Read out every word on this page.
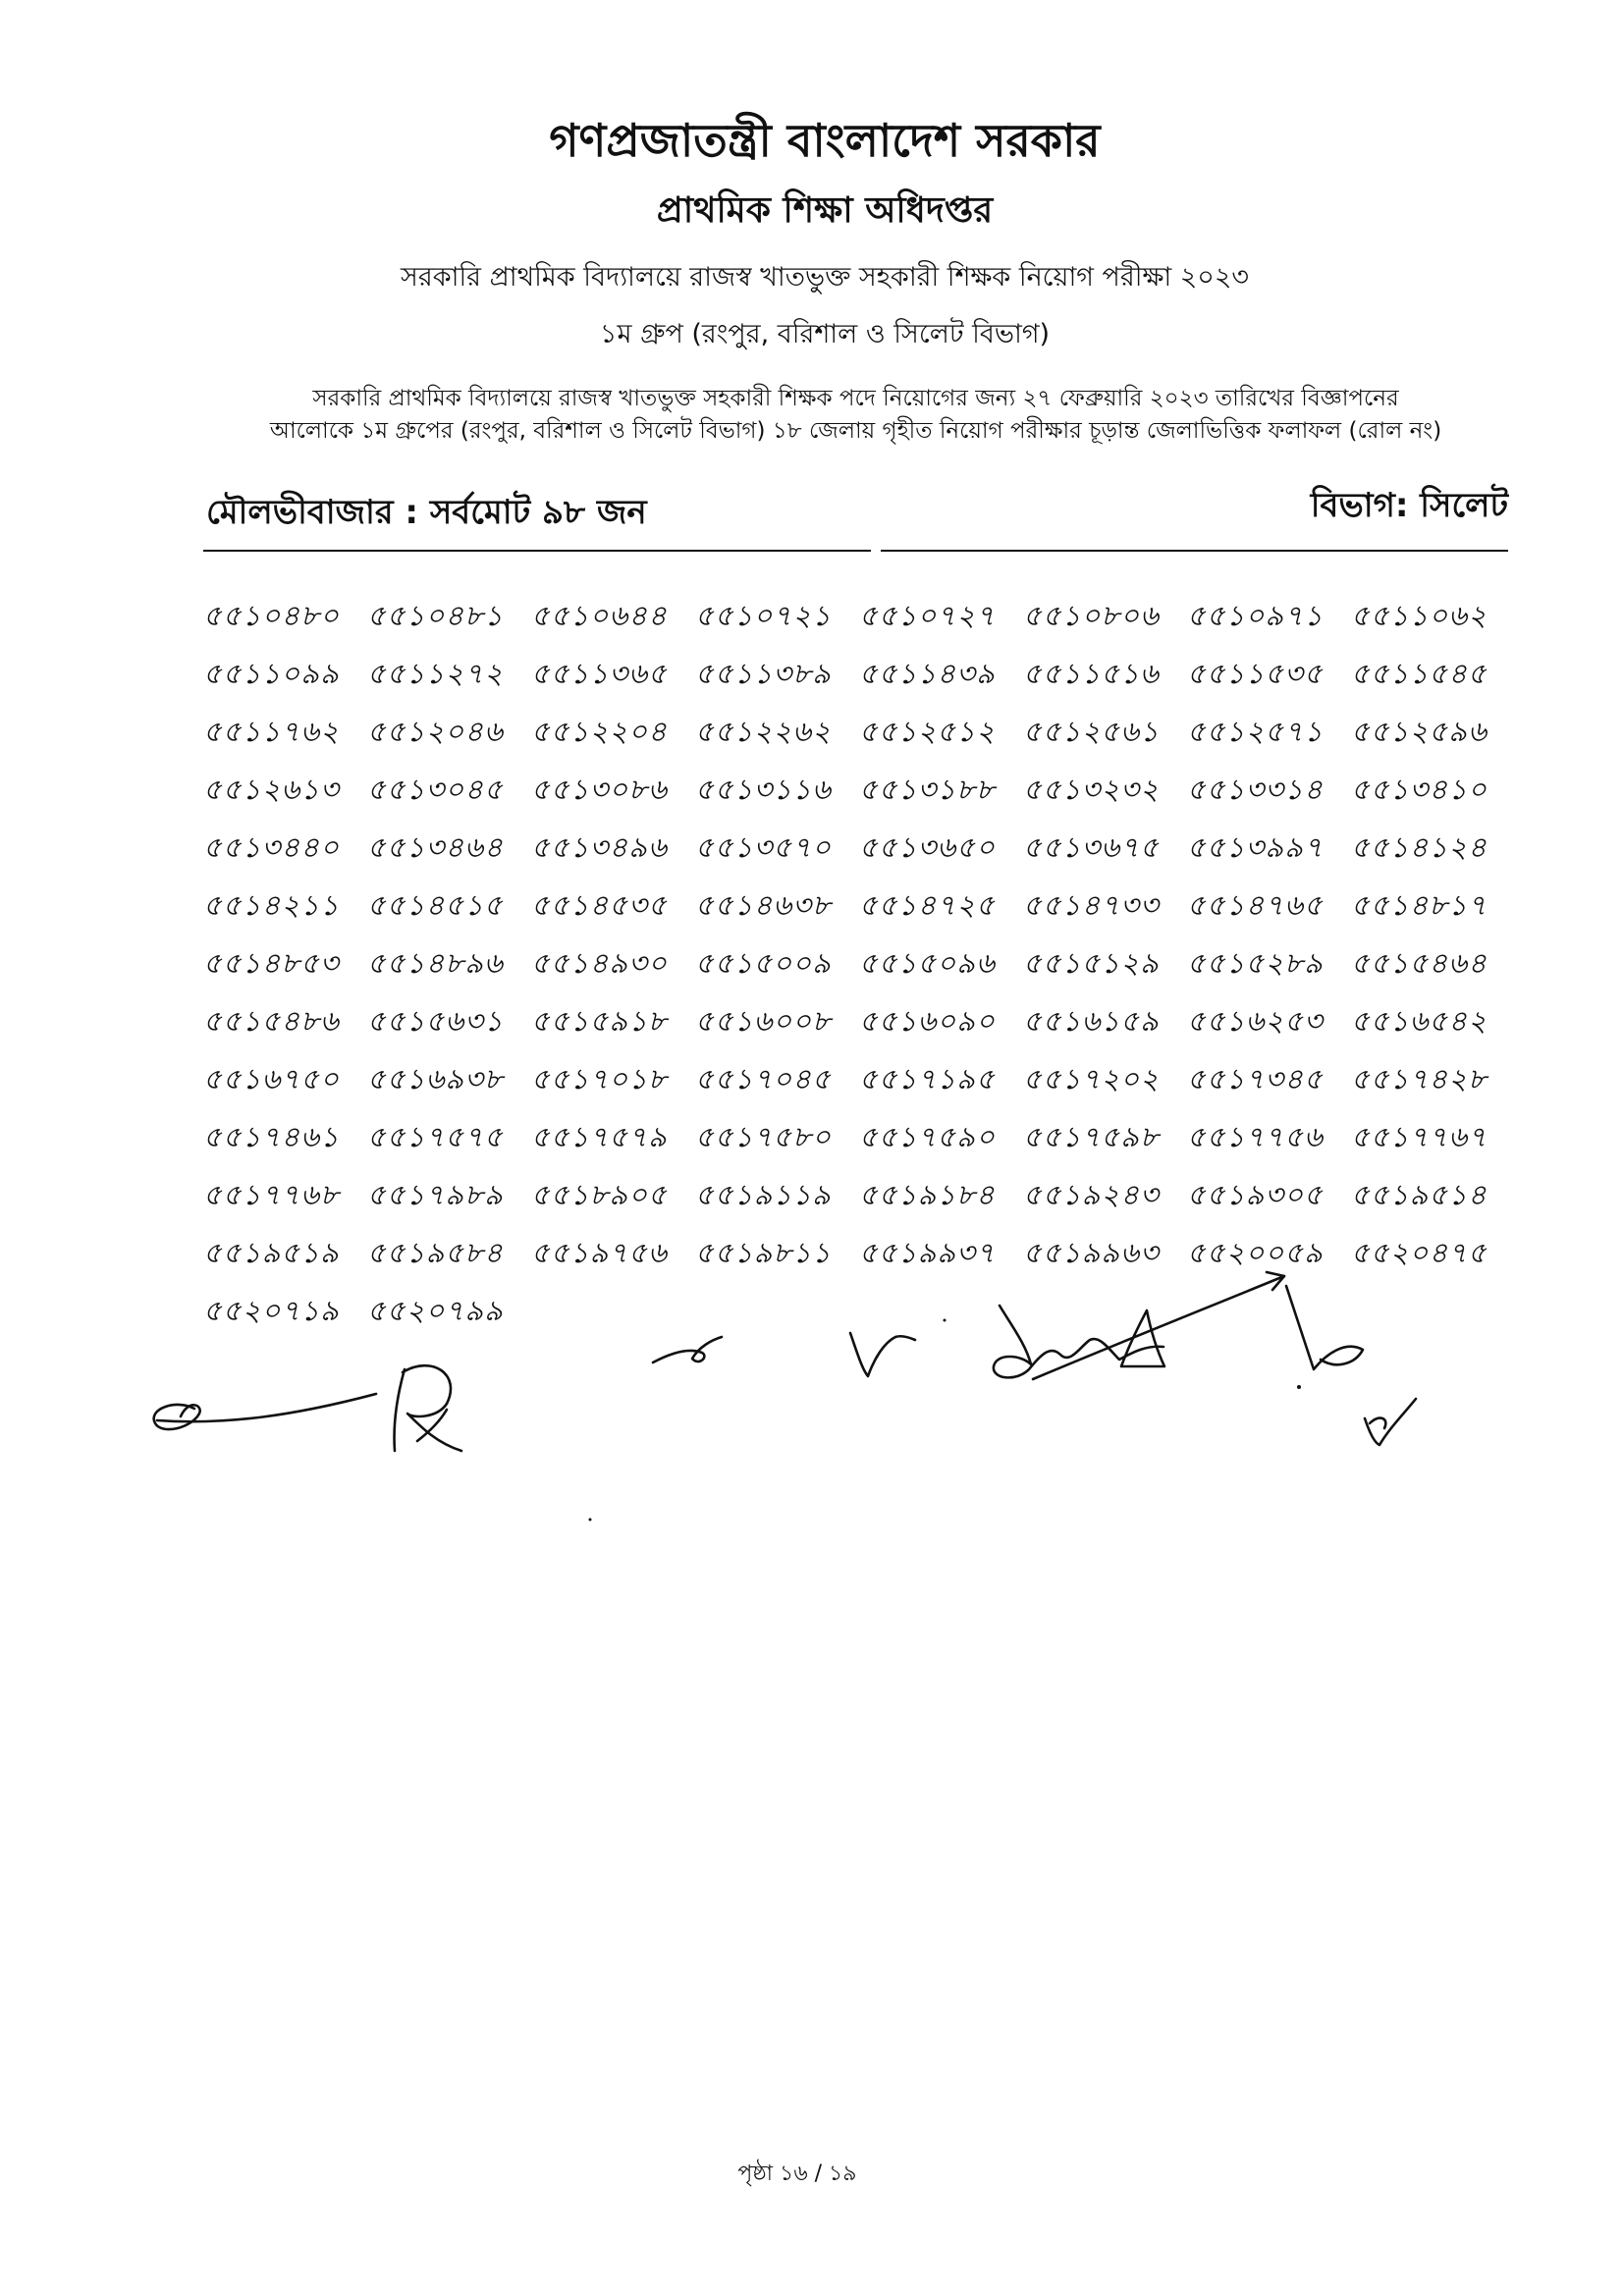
গণপ্রজাতন্ত্রী বাংলাদেশ সরকার
প্রাথমিক শিক্ষা অধিদপ্তর
সরকারি প্রাথমিক বিদ্যালয়ে রাজস্ব খাতভুক্ত সহকারী শিক্ষক নিয়োগ পরীক্ষা ২০২৩
১ম গ্রুপ (রংপুর, বরিশাল ও সিলেট বিভাগ)
সরকারি প্রাথমিক বিদ্যালয়ে রাজস্ব খাতভুক্ত সহকারী শিক্ষক পদে নিয়োগের জন্য ২৭ ফেব্রুয়ারি ২০২৩ তারিখের বিজ্ঞাপনের
আলোকে ১ম গ্রুপের (রংপুর, বরিশাল ও সিলেট বিভাগ) ১৮ জেলায় গৃহীত নিয়োগ পরীক্ষার চূড়ান্ত জেলাভিত্তিক ফলাফল (রোল নং)
মৌলভীবাজার : সর্বমোট ৯৮ জন	বিভাগ: সিলেট
৫৫১০৪৮০ ৫৫১০৪৮১ ৫৫১০৬৪৪ ৫৫১০৭২১ ৫৫১০৭২৭ ৫৫১০৮০৬ ৫৫১০৯৭১ ৫৫১১০৬২
৫৫১১০৯৯ ৫৫১১২৭২ ৫৫১১৩৬৫ ৫৫১১৩৮৯ ৫৫১১৪৩৯ ৫৫১১৫১৬ ৫৫১১৫৩৫ ৫৫১১৫৪৫
৫৫১১৭৬২ ৫৫১২০৪৬ ৫৫১২২০৪ ৫৫১২২৬২ ৫৫১২৫১২ ৫৫১২৫৬১ ৫৫১২৫৭১ ৫৫১২৫৯৬
৫৫১২৬১৩ ৫৫১৩০৪৫ ৫৫১৩০৮৬ ৫৫১৩১১৬ ৫৫১৩১৮৮ ৫৫১৩২৩২ ৫৫১৩৩১৪ ৫৫১৩৪১০
৫৫১৩৪৪০ ৫৫১৩৪৬৪ ৫৫১৩৪৯৬ ৫৫১৩৫৭০ ৫৫১৩৬৫০ ৫৫১৩৬৭৫ ৫৫১৩৯৯৭ ৫৫১৪১২৪
৫৫১৪২১১ ৫৫১৪৫১৫ ৫৫১৪৫৩৫ ৫৫১৪৬৩৮ ৫৫১৪৭২৫ ৫৫১৪৭৩৩ ৫৫১৪৭৬৫ ৫৫১৪৮১৭
৫৫১৪৮৫৩ ৫৫১৪৮৯৬ ৫৫১৪৯৩০ ৫৫১৫০০৯ ৫৫১৫০৯৬ ৫৫১৫১২৯ ৫৫১৫২৮৯ ৫৫১৫৪৬৪
৫৫১৫৪৮৬ ৫৫১৫৬৩১ ৫৫১৫৯১৮ ৫৫১৬০০৮ ৫৫১৬০৯০ ৫৫১৬১৫৯ ৫৫১৬২৫৩ ৫৫১৬৫৪২
৫৫১৬৭৫০ ৫৫১৬৯৩৮ ৫৫১৭০১৮ ৫৫১৭০৪৫ ৫৫১৭১৯৫ ৫৫১৭২০২ ৫৫১৭৩৪৫ ৫৫১৭৪২৮
৫৫১৭৪৬১ ৫৫১৭৫৭৫ ৫৫১৭৫৭৯ ৫৫১৭৫৮০ ৫৫১৭৫৯০ ৫৫১৭৫৯৮ ৫৫১৭৭৫৬ ৫৫১৭৭৬৭
৫৫১৭৭৬৮ ৫৫১৭৯৮৯ ৫৫১৮৯০৫ ৫৫১৯১১৯ ৫৫১৯১৮৪ ৫৫১৯২৪৩ ৫৫১৯৩০৫ ৫৫১৯৫১৪
৫৫১৯৫১৯ ৫৫১৯৫৮৪ ৫৫১৯৭৫৬ ৫৫১৯৮১১ ৫৫১৯৯৩৭ ৫৫১৯৯৬৩ ৫৫২০০৫৯ ৫৫২০৪৭৫
৫৫২০৭১৯ ৫৫২০৭৯৯
পৃষ্ঠা ১৬ / ১৯
